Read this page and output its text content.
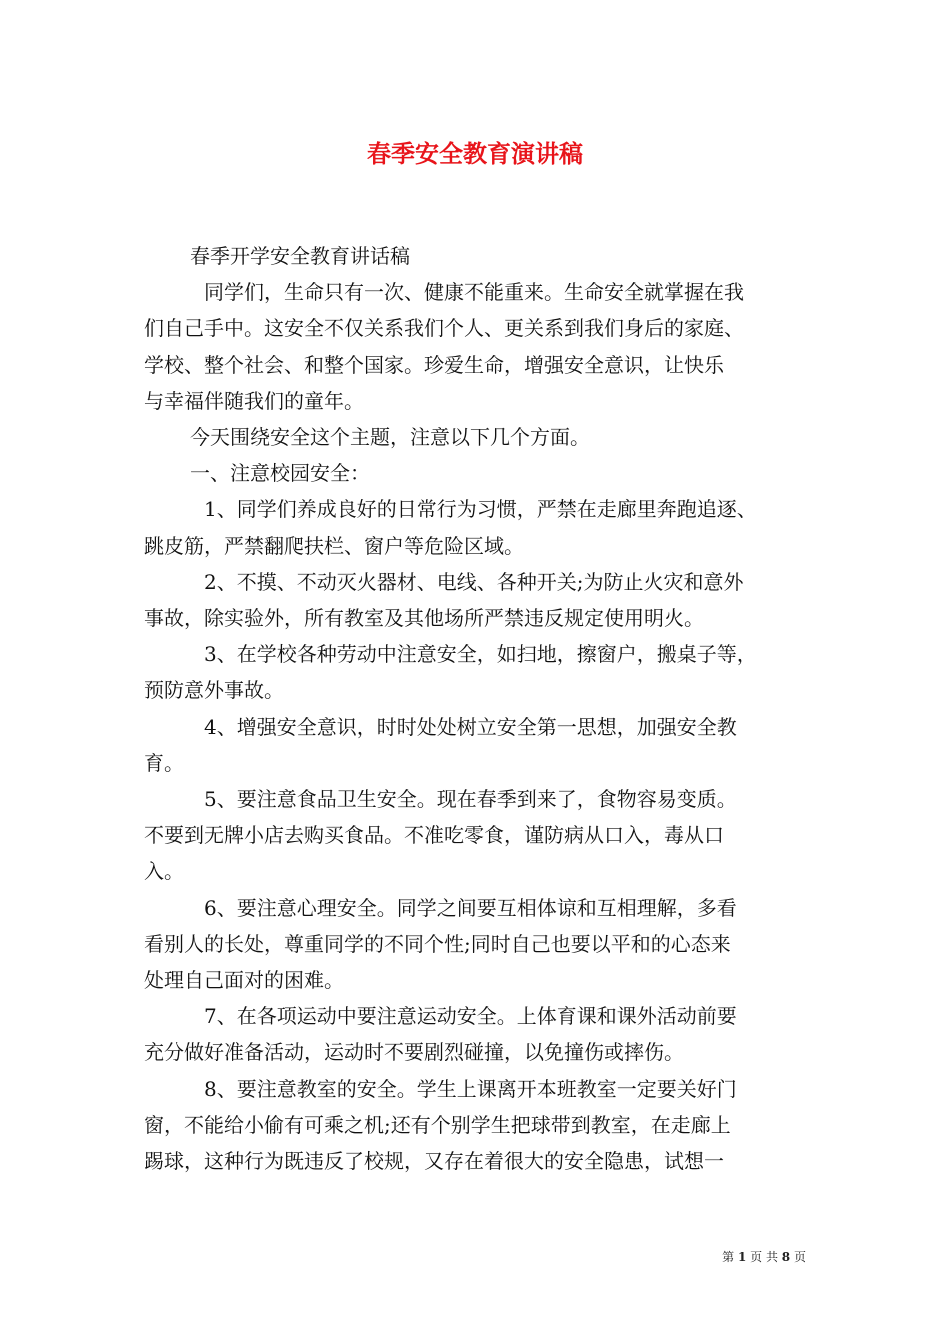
春季安全教育演讲稿

春季开学安全教育讲话稿

同学们，生命只有一次、健康不能重来。生命安全就掌握在我

们自己手中。这安全不仅关系我们个人、更关系到我们身后的家庭、

学校、整个社会、和整个国家。珍爱生命，增强安全意识，让快乐

与幸福伴随我们的童年。

今天围绕安全这个主题，注意以下几个方面。

一、注意校园安全：

1、同学们养成良好的日常行为习惯，严禁在走廊里奔跑追逐、

跳皮筋，严禁翻爬扶栏、窗户等危险区域。

2、不摸、不动灭火器材、电线、各种开关;为防止火灾和意外

事故，除实验外，所有教室及其他场所严禁违反规定使用明火。

3、在学校各种劳动中注意安全，如扫地，擦窗户，搬桌子等，

预防意外事故。

4、增强安全意识，时时处处树立安全第一思想，加强安全教

育。

5、要注意食品卫生安全。现在春季到来了，食物容易变质。

不要到无牌小店去购买食品。不准吃零食，谨防病从口入，毒从口

入。

6、要注意心理安全。同学之间要互相体谅和互相理解，多看

看别人的长处，尊重同学的不同个性;同时自己也要以平和的心态来

处理自己面对的困难。

7、在各项运动中要注意运动安全。上体育课和课外活动前要

充分做好准备活动，运动时不要剧烈碰撞，以免撞伤或摔伤。

8、要注意教室的安全。学生上课离开本班教室一定要关好门

窗，不能给小偷有可乘之机;还有个别学生把球带到教室，在走廊上

踢球，这种行为既违反了校规，又存在着很大的安全隐患，试想一

第 1 页 共 8 页
